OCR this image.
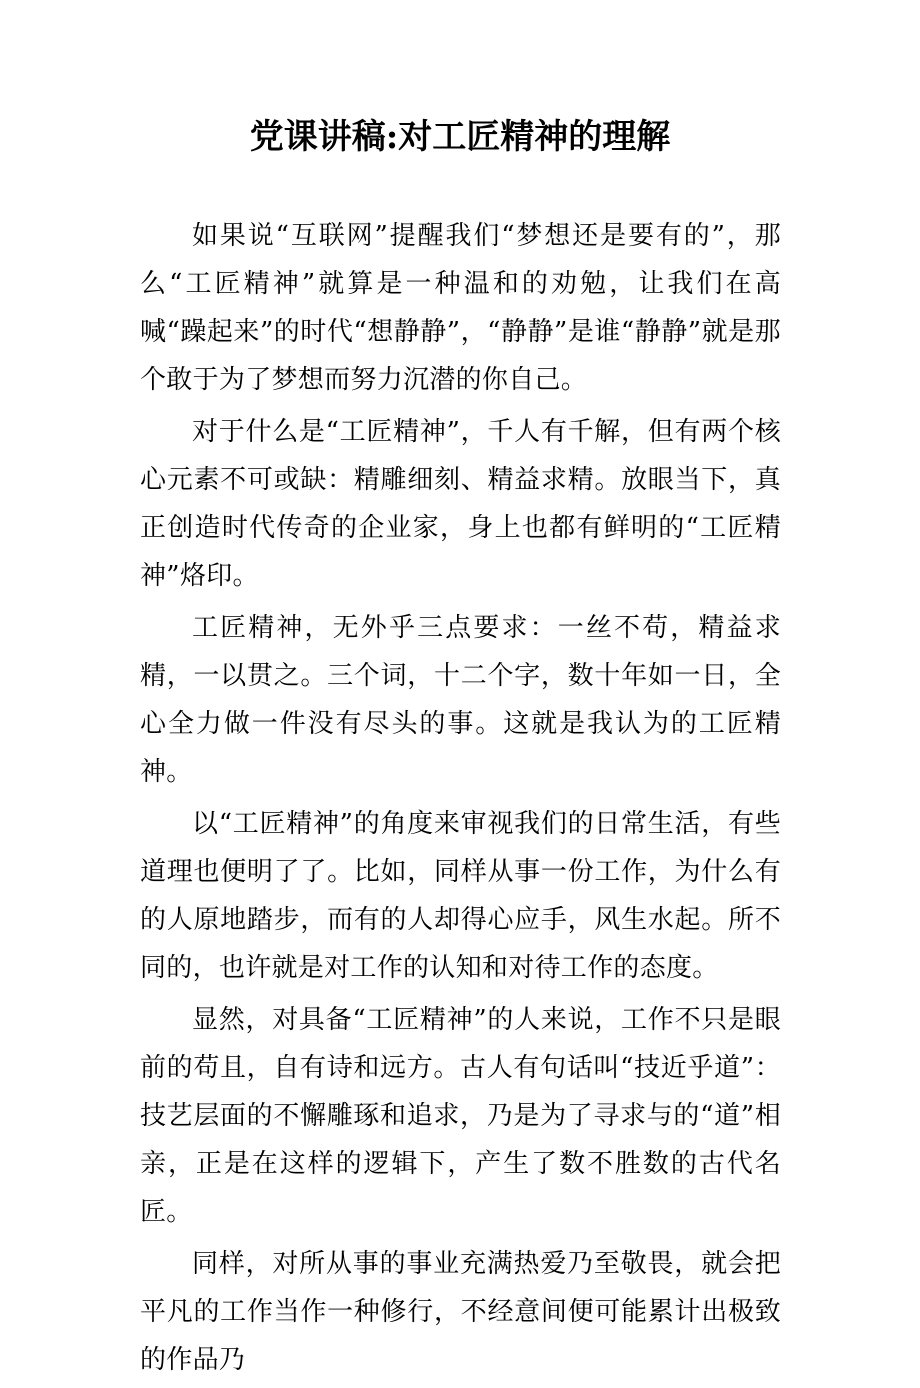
党课讲稿:对工匠精神的理解

如果说“互联网”提醒我们“梦想还是要有的”，那么“工匠精神”就算是一种温和的劝勉，让我们在高喊“躁起来”的时代“想静静”，“静静”是谁“静静”就是那个敢于为了梦想而努力沉潜的你自己。

对于什么是“工匠精神”，千人有千解，但有两个核心元素不可或缺：精雕细刻、精益求精。放眼当下，真正创造时代传奇的企业家，身上也都有鲜明的“工匠精神”烙印。

工匠精神，无外乎三点要求：一丝不苟，精益求精，一以贯之。三个词，十二个字，数十年如一日，全心全力做一件没有尽头的事。这就是我认为的工匠精神。

以“工匠精神”的角度来审视我们的日常生活，有些道理也便明了了。比如，同样从事一份工作，为什么有的人原地踏步，而有的人却得心应手，风生水起。所不同的，也许就是对工作的认知和对待工作的态度。

显然，对具备“工匠精神”的人来说，工作不只是眼前的苟且，自有诗和远方。古人有句话叫“技近乎道”：技艺层面的不懈雕琢和追求，乃是为了寻求与的“道”相亲，正是在这样的逻辑下，产生了数不胜数的古代名匠。

同样，对所从事的事业充满热爱乃至敬畏，就会把平凡的工作当作一种修行，不经意间便可能累计出极致的作品乃
